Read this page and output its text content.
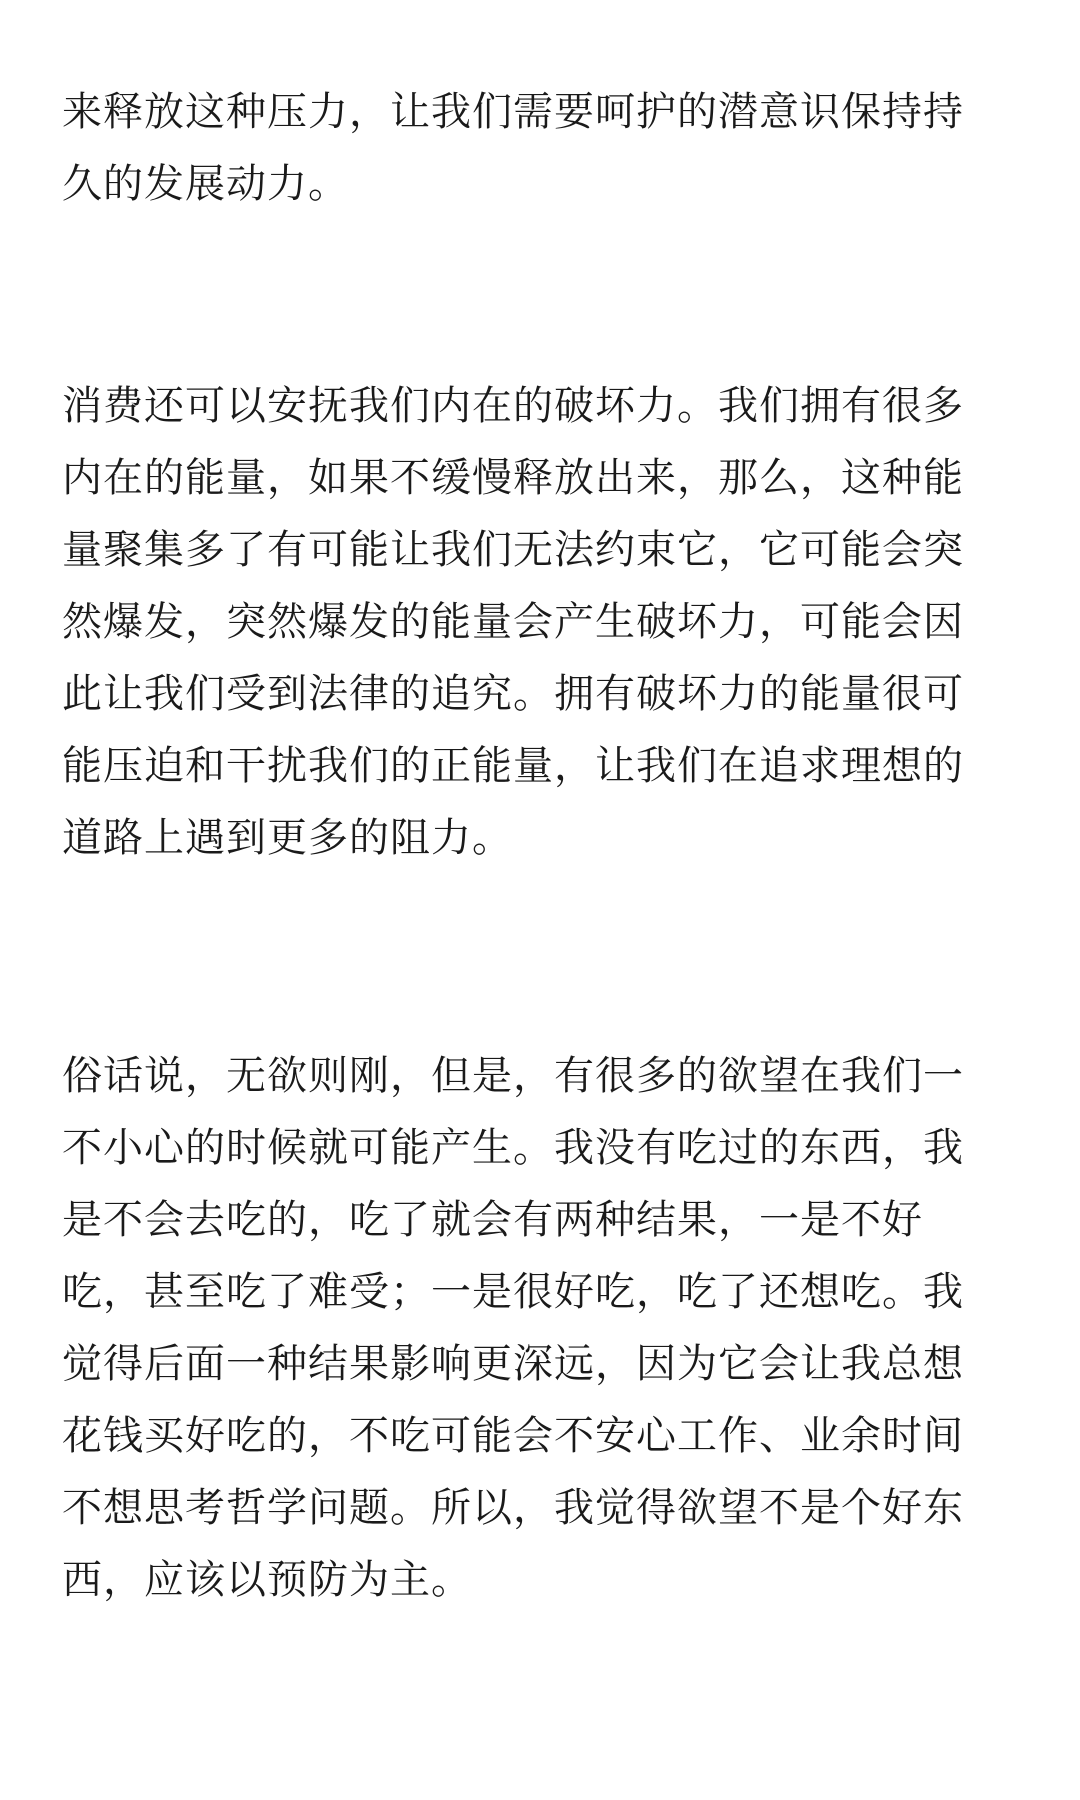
来释放这种压力，让我们需要呵护的潜意识保持持
久的发展动力。

消费还可以安抚我们内在的破坏力。我们拥有很多
内在的能量，如果不缓慢释放出来，那么，这种能
量聚集多了有可能让我们无法约束它，它可能会突
然爆发，突然爆发的能量会产生破坏力，可能会因
此让我们受到法律的追究。拥有破坏力的能量很可
能压迫和干扰我们的正能量，让我们在追求理想的
道路上遇到更多的阻力。

俗话说，无欲则刚，但是，有很多的欲望在我们一
不小心的时候就可能产生。我没有吃过的东西，我
是不会去吃的，吃了就会有两种结果，一是不好
吃，甚至吃了难受；一是很好吃，吃了还想吃。我
觉得后面一种结果影响更深远，因为它会让我总想
花钱买好吃的，不吃可能会不安心工作、业余时间
不想思考哲学问题。所以，我觉得欲望不是个好东
西，应该以预防为主。
